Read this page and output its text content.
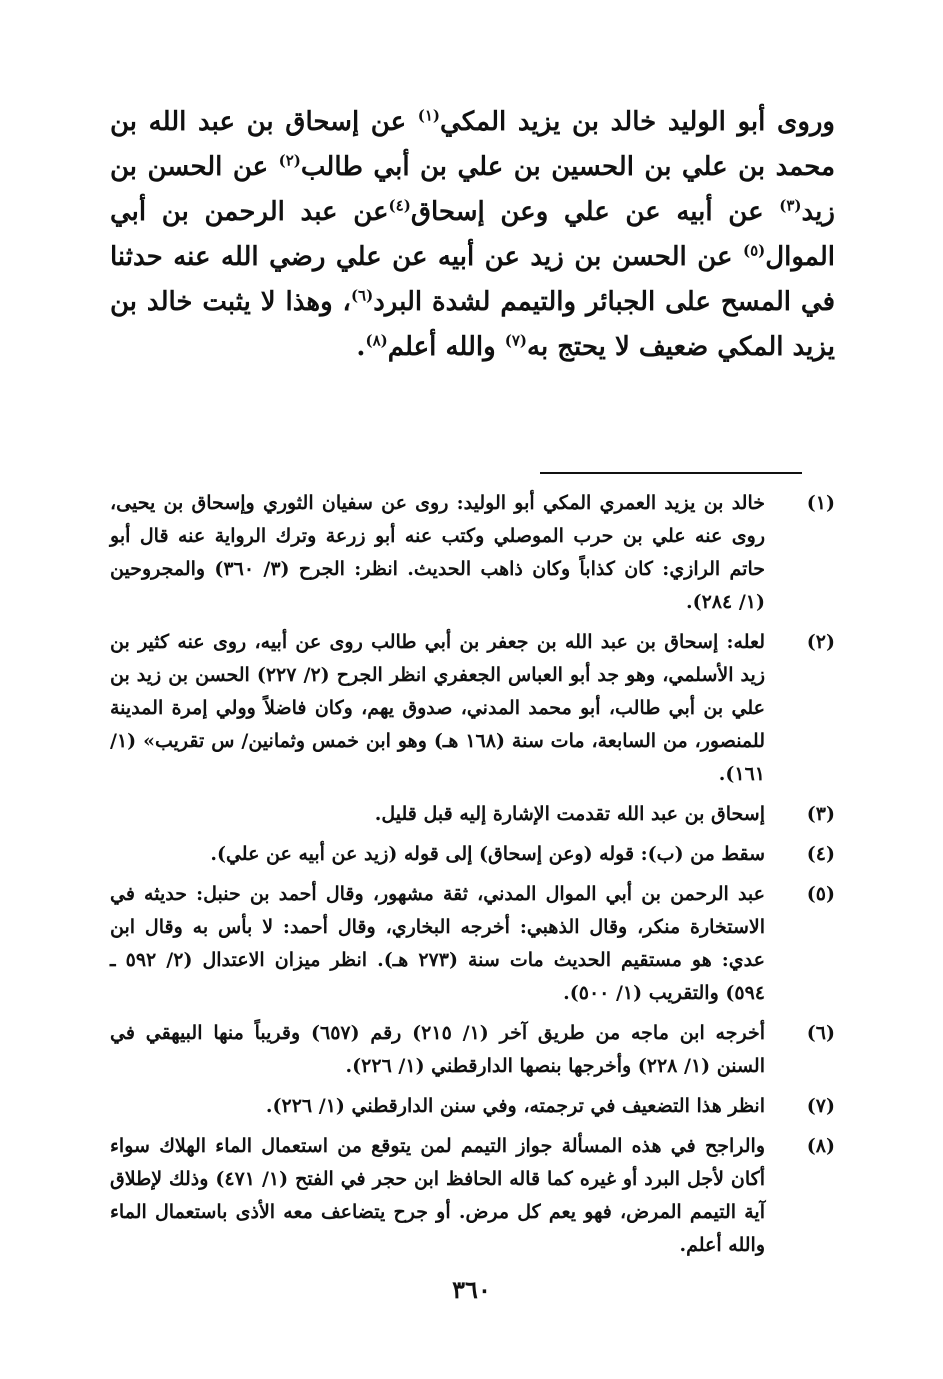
وروى أبو الوليد خالد بن يزيد المكي$^{(١)}$ عن إسحاق بن عبد الله بن محمد بن علي بن الحسين بن علي بن أبي طالب$^{(٢)}$ عن الحسن بن زيد$^{(٣)}$ عن أبيه عن علي وعن إسحاق$^{(٤)}$عن عبد الرحمن بن أبي الموال$^{(٥)}$ عن الحسن بن زيد عن أبيه عن علي رضي الله عنه حدثنا في المسح على الجبائر والتيمم لشدة البرد$^{(٦)}$، وهذا لا يثبت خالد بن يزيد المكي ضعيف لا يحتج به$^{(٧)}$ والله أعلم$^{(٨)}$.

(١)
خالد بن يزيد العمري المكي أبو الوليد: روى عن سفيان الثوري وإسحاق بن يحيى، روى عنه علي بن حرب الموصلي وكتب عنه أبو زرعة وترك الرواية عنه قال أبو حاتم الرازي: كان كذاباً وكان ذاهب الحديث. انظر: الجرح (٣/ ٣٦٠) والمجروحين (١/ ٢٨٤).
(٢)
لعله: إسحاق بن عبد الله بن جعفر بن أبي طالب روى عن أبيه، روى عنه كثير بن زيد الأسلمي، وهو جد أبو العباس الجعفري انظر الجرح (٢/ ٢٢٧) الحسن بن زيد بن علي بن أبي طالب، أبو محمد المدني، صدوق يهم، وكان فاضلاً وولي إمرة المدينة للمنصور، من السابعة، مات سنة (١٦٨ هـ) وهو ابن خمس وثمانين/ س تقريب» (١/ ١٦١).
(٣)
إسحاق بن عبد الله تقدمت الإشارة إليه قبل قليل.
(٤)
سقط من (ب): قوله (وعن إسحاق) إلى قوله (زيد عن أبيه عن علي).
(٥)
عبد الرحمن بن أبي الموال المدني، ثقة مشهور، وقال أحمد بن حنبل: حديثه في الاستخارة منكر، وقال الذهبي: أخرجه البخاري، وقال أحمد: لا بأس به وقال ابن عدي: هو مستقيم الحديث مات سنة (٢٧٣ هـ). انظر ميزان الاعتدال (٢/ ٥٩٢ ـ ٥٩٤) والتقريب (١/ ٥٠٠).
(٦)
أخرجه ابن ماجه من طريق آخر (١/ ٢١٥) رقم (٦٥٧) وقريباً منها البيهقي في السنن (١/ ٢٢٨) وأخرجها بنصها الدارقطني (١/ ٢٢٦).
(٧)
انظر هذا التضعيف في ترجمته، وفي سنن الدارقطني (١/ ٢٢٦).
(٨)
والراجح في هذه المسألة جواز التيمم لمن يتوقع من استعمال الماء الهلاك سواء أكان لأجل البرد أو غيره كما قاله الحافظ ابن حجر في الفتح (١/ ٤٧١) وذلك لإطلاق آية التيمم المرض، فهو يعم كل مرض. أو جرح يتضاعف معه الأذى باستعمال الماء والله أعلم.
٣٦٠
